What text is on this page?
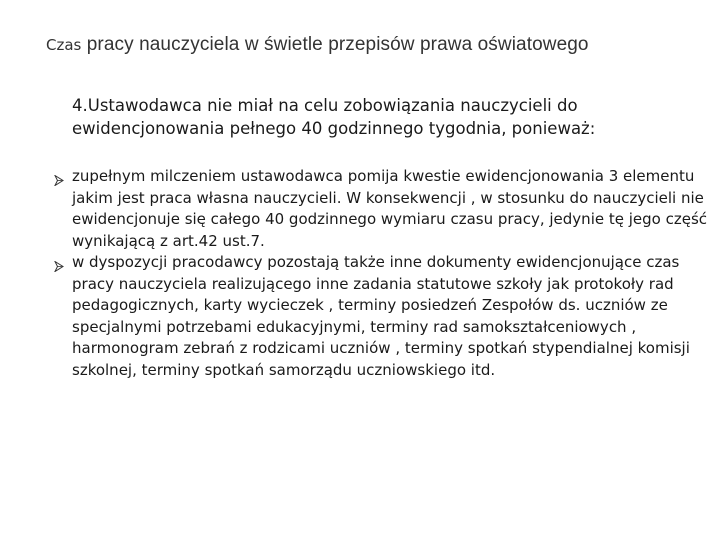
Czas pracy nauczyciela w świetle przepisów prawa oświatowego
4.Ustawodawca nie miał na celu zobowiązania nauczycieli do ewidencjonowania pełnego 40 godzinnego tygodnia, ponieważ:
zupełnym milczeniem ustawodawca pomija kwestie ewidencjonowania 3 elementu jakim jest praca własna nauczycieli. W konsekwencji , w stosunku do nauczycieli nie ewidencjonuje się całego 40 godzinnego wymiaru czasu pracy, jedynie tę jego część wynikającą z art.42 ust.7.
w dyspozycji pracodawcy pozostają także inne dokumenty ewidencjonujące czas pracy nauczyciela realizującego inne zadania statutowe szkoły jak protokoły rad pedagogicznych, karty wycieczek , terminy posiedzeń Zespołów ds. uczniów ze specjalnymi potrzebami edukacyjnymi, terminy rad samokształceniowych , harmonogram zebrań z rodzicami uczniów , terminy spotkań stypendialnej komisji szkolnej, terminy spotkań samorządu uczniowskiego itd.
